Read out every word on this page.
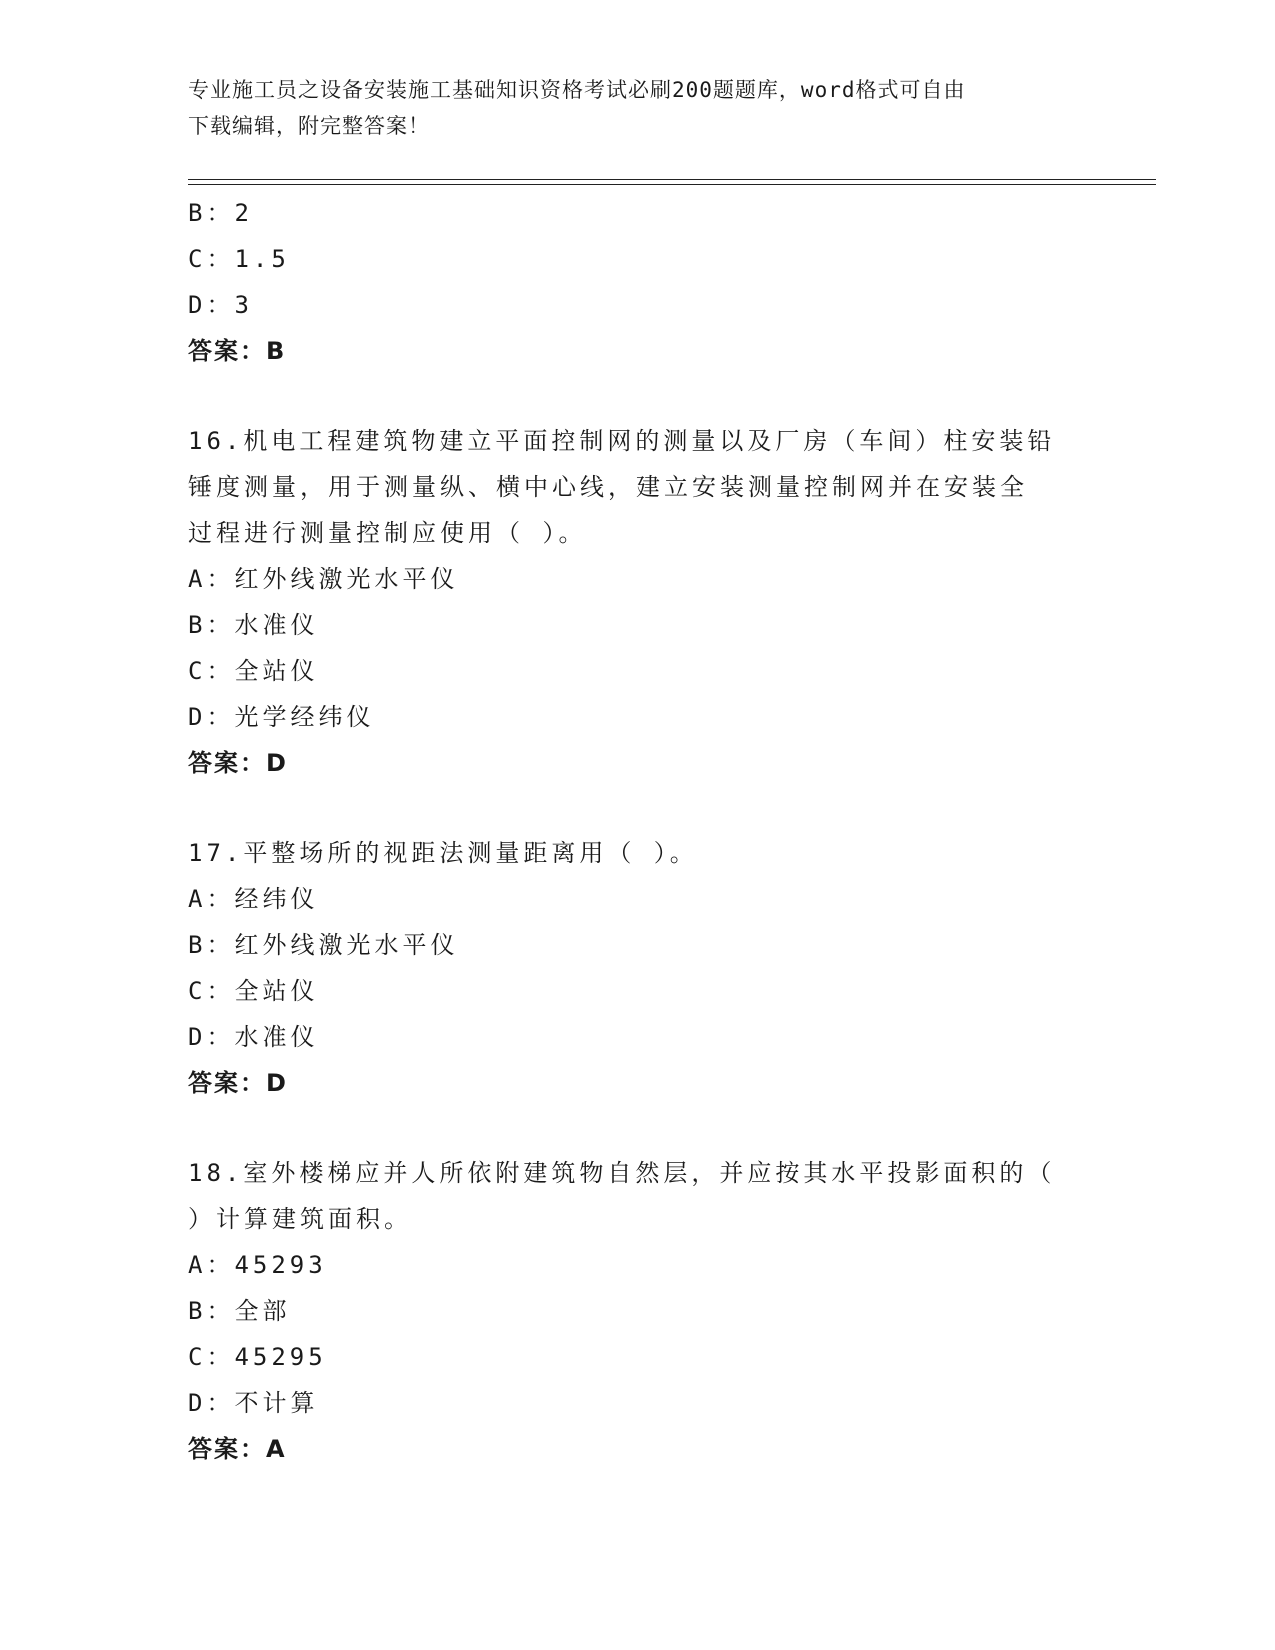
专业施工员之设备安装施工基础知识资格考试必刷200题题库，word格式可自由
下载编辑，附完整答案！
B：2
C：1.5
D：3
答案：B
16.机电工程建筑物建立平面控制网的测量以及厂房（车间）柱安装铅
锤度测量，用于测量纵、横中心线，建立安装测量控制网并在安装全
过程进行测量控制应使用（ ）。
A：红外线激光水平仪
B：水准仪
C：全站仪
D：光学经纬仪
答案：D
17.平整场所的视距法测量距离用（ ）。
A：经纬仪
B：红外线激光水平仪
C：全站仪
D：水准仪
答案：D
18.室外楼梯应并人所依附建筑物自然层，并应按其水平投影面积的（
）计算建筑面积。
A：45293
B：全部
C：45295
D：不计算
答案：A
